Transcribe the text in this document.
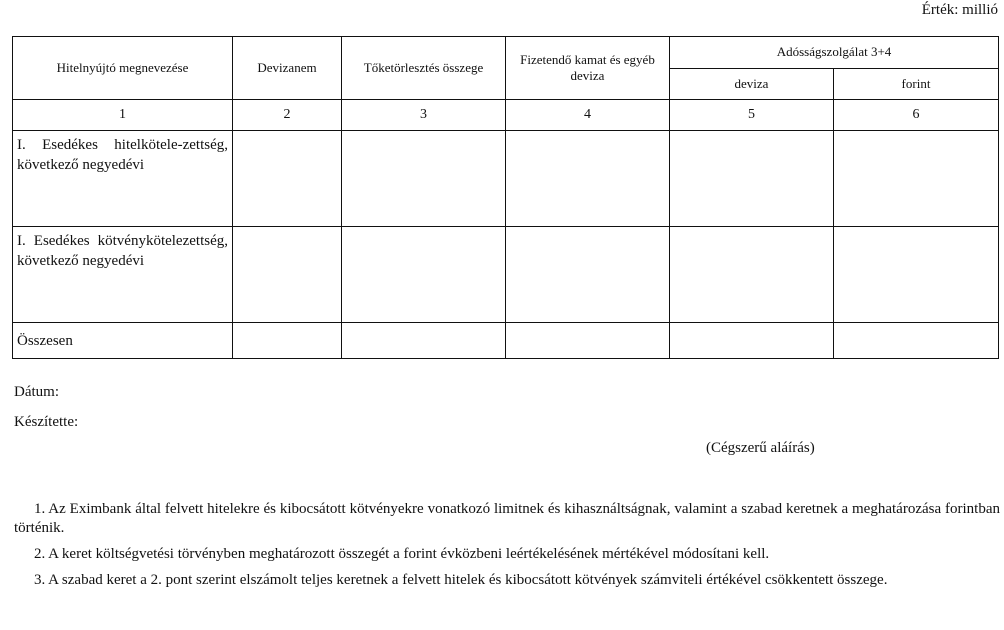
Érték: millió
Hitelnyújtó megnevezése	Devizanem	Tőketörlesztés összege	Fizetendő kamat és egyéb deviza	Adósságszolgálat 3+4	
				deviza	forint
1	2	3	4	5	6
I. Esedékes hitelkötele-zettség, következő negyedévi					
I. Esedékes kötvénykötelezettség, következő negyedévi					
Összesen					
Dátum:
Készítette:
(Cégszerű aláírás)

1. Az Eximbank által felvett hitelekre és kibocsátott kötvényekre vonatkozó limitnek és kihasználtságnak, valamint a szabad keretnek a meghatározása forintban történik.

2. A keret költségvetési törvényben meghatározott összegét a forint évközbeni leértékelésének mértékével módosítani kell.

3. A szabad keret a 2. pont szerint elszámolt teljes keretnek a felvett hitelek és kibocsátott kötvények számviteli értékével csökkentett összege.
